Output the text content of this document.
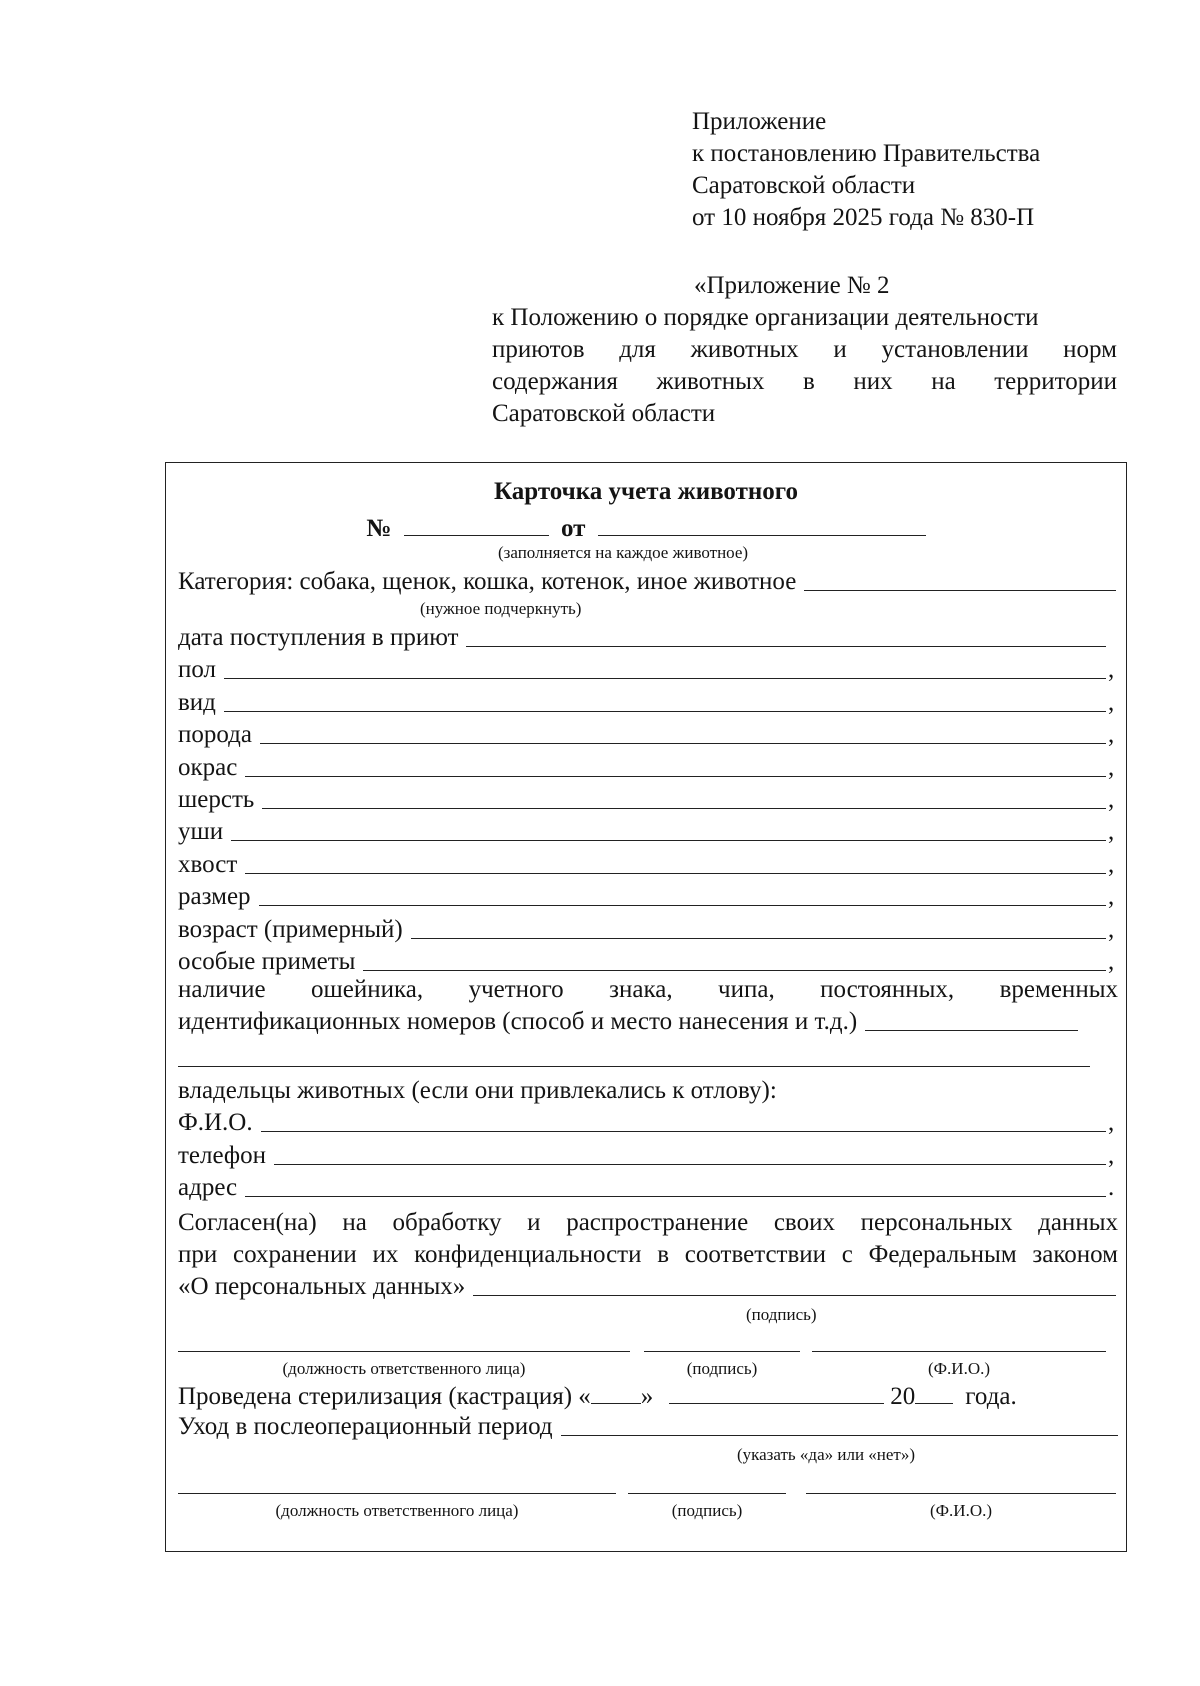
Приложение
к постановлению Правительства
Саратовской области
от 10 ноября 2025 года № 830-П
«Приложение № 2
к Положению о порядке организации деятельности
приютов для животных и установлении норм
содержания животных в них на территории
Саратовской области
Карточка учета животного
№	от
(заполняется на каждое животное)
Категория: собака, щенок, кошка, котенок, иное животное
(нужное подчеркнуть)
дата поступления в приют
пол	,
вид	,
порода	,
окрас	,
шерсть	,
уши	,
хвост	,
размер	,
возраст (примерный)	,
особые приметы	,
наличие ошейника, учетного знака, чипа, постоянных, временных
идентификационных номеров (способ и место нанесения и т.д.)
владельцы животных (если они привлекались к отлову):
Ф.И.О.	,
телефон	,
адрес	.
Согласен(на) на обработку и распространение своих персональных данных
при сохранении их конфиденциальности в соответствии с Федеральным законом
«О персональных данных»
(подпись)
(должность ответственного лица)	(подпись)	(Ф.И.О.)
Проведена стерилизация (кастрация) « »	20 года.
Уход в послеоперационный период
(указать «да» или «нет»)
(должность ответственного лица)	(подпись)	(Ф.И.О.)
